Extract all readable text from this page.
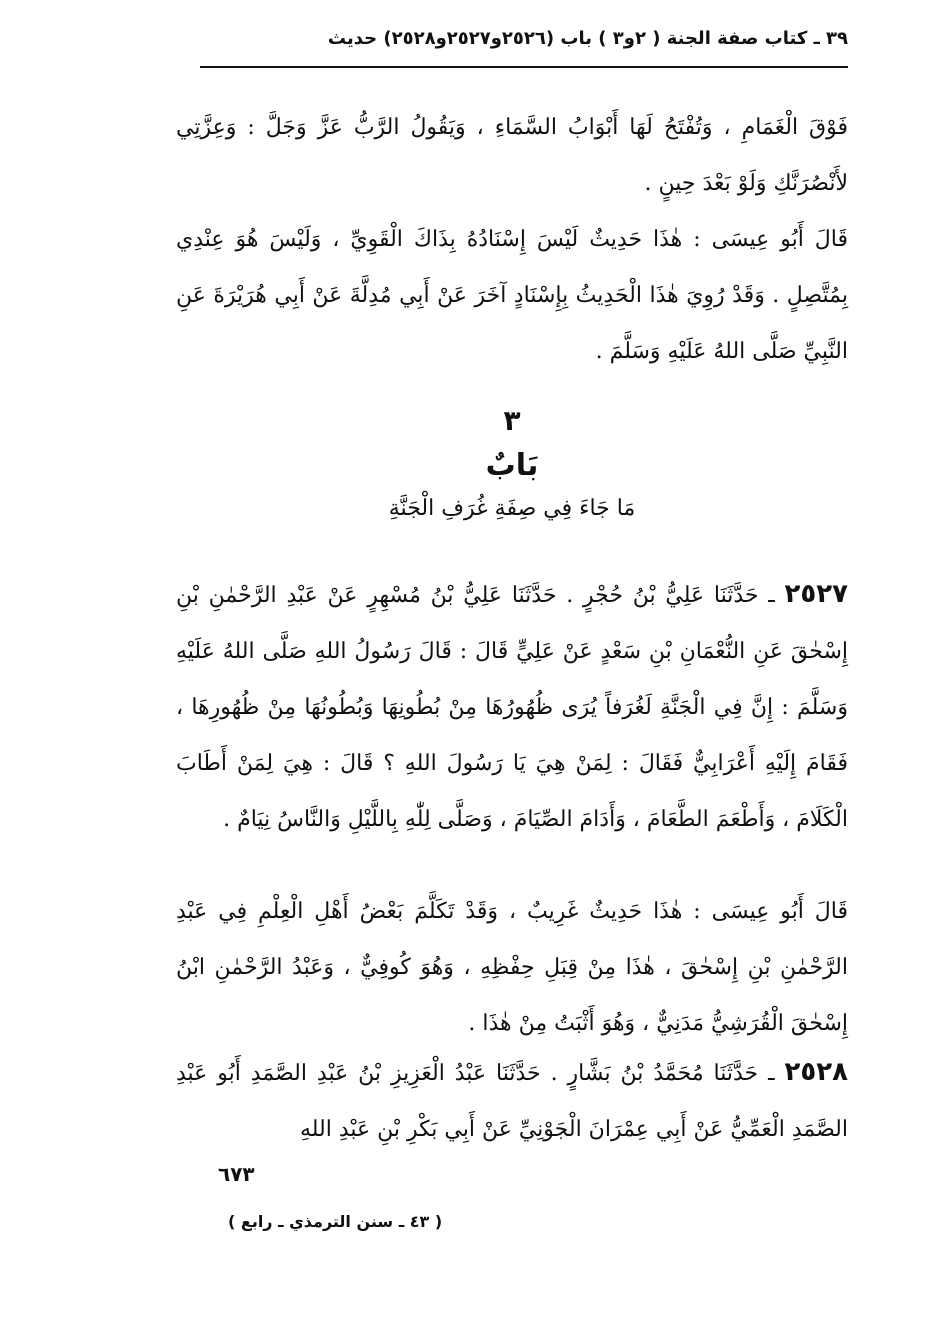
٣٩ ـ كتاب صفة الجنة ( ٢و٣ ) باب (٢٥٢٦و٢٥٢٧و٢٥٢٨) حديث

فَوْقَ الْغَمَامِ ، وَتُفْتَحُ لَهَا أَبْوَابُ السَّمَاءِ ، وَيَقُولُ الرَّبُّ عَزَّ وَجَلَّ : وَعِزَّتِي لأَنْصُرَنَّكِ وَلَوْ بَعْدَ حِينٍ .

قَالَ أَبُو عِيسَى : هٰذَا حَدِيثٌ لَيْسَ إِسْنَادُهُ بِذَاكَ الْقَوِيِّ ، وَلَيْسَ هُوَ عِنْدِي بِمُتَّصِلٍ . وَقَدْ رُوِيَ هٰذَا الْحَدِيثُ بِإِسْنَادٍ آخَرَ عَنْ أَبِي مُدِلَّةَ عَنْ أَبِي هُرَيْرَةَ عَنِ النَّبِيِّ صَلَّى اللهُ عَلَيْهِ وَسَلَّمَ .

٣
بَابٌ
مَا جَاءَ فِي صِفَةِ غُرَفِ الْجَنَّةِ

٢٥٢٧ ـ حَدَّثَنَا عَلِيُّ بْنُ حُجْرٍ . حَدَّثَنَا عَلِيُّ بْنُ مُسْهِرٍ عَنْ عَبْدِ الرَّحْمٰنِ بْنِ إِسْحٰقَ عَنِ النُّعْمَانِ بْنِ سَعْدٍ عَنْ عَلِيٍّ قَالَ : قَالَ رَسُولُ اللهِ صَلَّى اللهُ عَلَيْهِ وَسَلَّمَ : إِنَّ فِي الْجَنَّةِ لَغُرَفاً يُرَى ظُهُورُهَا مِنْ بُطُونِهَا وَبُطُونُهَا مِنْ ظُهُورِهَا ، فَقَامَ إِلَيْهِ أَعْرَابِيٌّ فَقَالَ : لِمَنْ هِيَ يَا رَسُولَ اللهِ ؟ قَالَ : هِيَ لِمَنْ أَطَابَ الْكَلَامَ ، وَأَطْعَمَ الطَّعَامَ ، وَأَدَامَ الصِّيَامَ ، وَصَلَّى لِلّٰهِ بِاللَّيْلِ وَالنَّاسُ نِيَامٌ .

قَالَ أَبُو عِيسَى : هٰذَا حَدِيثٌ غَرِيبٌ ، وَقَدْ تَكَلَّمَ بَعْضُ أَهْلِ الْعِلْمِ فِي عَبْدِ الرَّحْمٰنِ بْنِ إِسْحٰقَ ، هٰذَا مِنْ قِبَلِ حِفْظِهِ ، وَهُوَ كُوفِيٌّ ، وَعَبْدُ الرَّحْمٰنِ ابْنُ إِسْحٰقَ الْقُرَشِيُّ مَدَنِيٌّ ، وَهُوَ أَثْبَتُ مِنْ هٰذَا .

٢٥٢٨ ـ حَدَّثَنَا مُحَمَّدُ بْنُ بَشَّارٍ . حَدَّثَنَا عَبْدُ الْعَزِيزِ بْنُ عَبْدِ الصَّمَدِ أَبُو عَبْدِ الصَّمَدِ الْعَمِّيُّ عَنْ أَبِي عِمْرَانَ الْجَوْنِيِّ عَنْ أَبِي بَكْرِ بْنِ عَبْدِ اللهِ

٦٧٣
( ٤٣ ـ سنن الترمذي ـ رابع )
